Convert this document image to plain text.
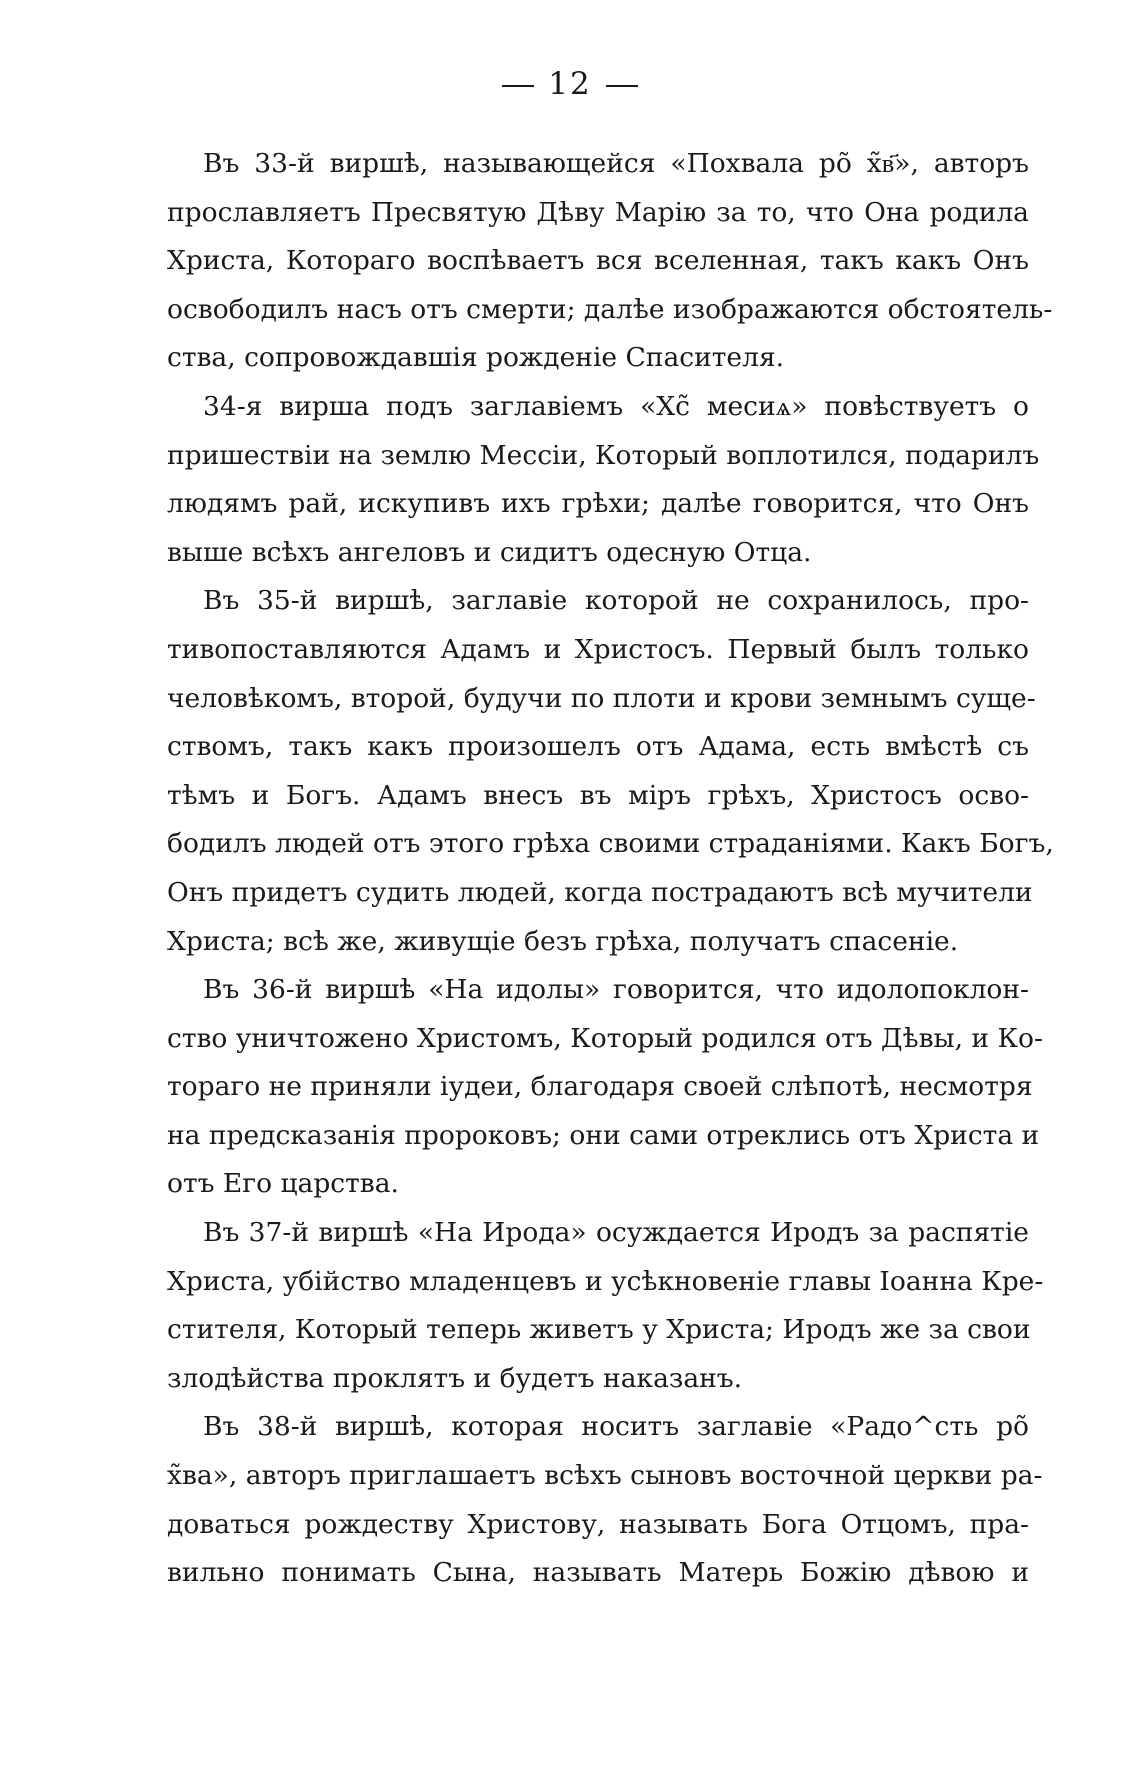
12

Въ 33-й виршѣ, называющейся «Похвала рõ х̃в҃», авторъ
прославляетъ Пресвятую Дѣву Марію за то, что Она родила
Христа, Котораго воспѣваетъ вся вселенная, такъ какъ Онъ
освободилъ насъ отъ смерти; далѣе изображаются обстоятель-
ства, сопровождавшія рожденіе Спасителя.

34-я вирша подъ заглавіемъ «Хс̃ месиѧ» повѣствуетъ о
пришествіи на землю Мессіи, Который воплотился, подарилъ
людямъ рай, искупивъ ихъ грѣхи; далѣе говорится, что Онъ
выше всѣхъ ангеловъ и сидитъ одесную Отца.

Въ 35-й виршѣ, заглавіе которой не сохранилось, про-
тивопоставляются Адамъ и Христосъ. Первый былъ только
человѣкомъ, второй, будучи по плоти и крови земнымъ суще-
ствомъ, такъ какъ произошелъ отъ Адама, есть вмѣстѣ съ
тѣмъ и Богъ. Адамъ внесъ въ міръ грѣхъ, Христосъ осво-
бодилъ людей отъ этого грѣха своими страданіями. Какъ Богъ,
Онъ придетъ судить людей, когда пострадаютъ всѣ мучители
Христа; всѣ же, живущіе безъ грѣха, получатъ спасеніе.

Въ 36-й виршѣ «На идолы» говорится, что идолопоклон-
ство уничтожено Христомъ, Который родился отъ Дѣвы, и Ко-
тораго не приняли іудеи, благодаря своей слѣпотѣ, несмотря
на предсказанія пророковъ; они сами отреклись отъ Христа и
отъ Его царства.

Въ 37-й виршѣ «На Ирода» осуждается Иродъ за распятіе
Христа, убійство младенцевъ и усѣкновеніе главы Іоанна Кре-
стителя, Который теперь живетъ у Христа; Иродъ же за свои
злодѣйства проклятъ и будетъ наказанъ.

Въ 38-й виршѣ, которая носитъ заглавіе «Радо^сть рõ
х̃ва», авторъ приглашаетъ всѣхъ сыновъ восточной церкви ра-
доваться рождеству Христову, называть Бога Отцомъ, пра-
вильно понимать Сына, называть Матерь Божію дѣвою и
